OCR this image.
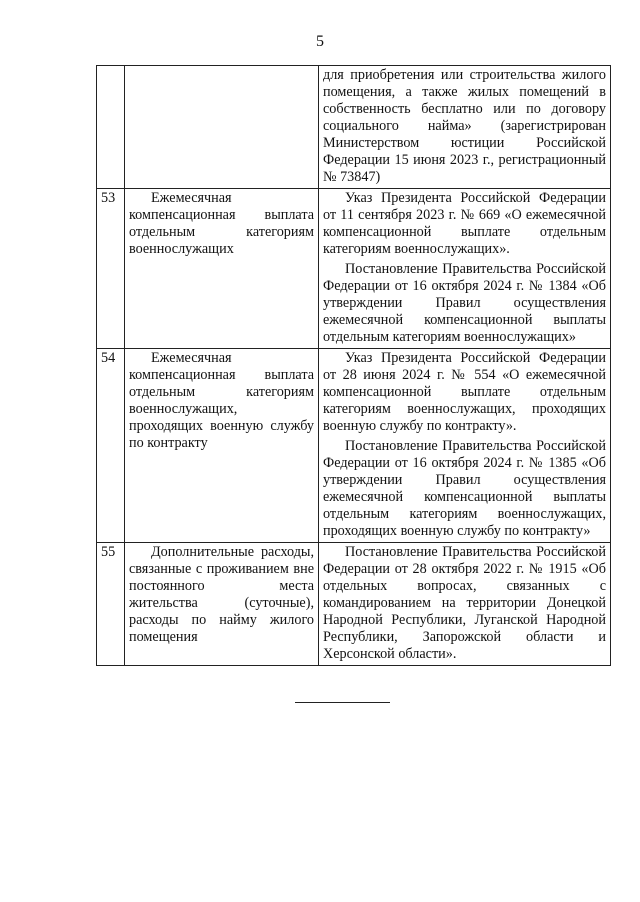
5

		для приобретения или строительства жилого помещения, а также жилых помещений в собственность бесплатно или по договору социального найма» (зарегистрирован Министерством юстиции Российской Федерации 15 июня 2023 г., регистрационный № 73847)

53	Ежемесячная компенсационная выплата отдельным категориям военнослужащих	Указ Президента Российской Федерации от 11 сентября 2023 г. № 669 «О ежемесячной компенсационной выплате отдельным категориям военнослужащих».

Постановление Правительства Российской Федерации от 16 октября 2024 г. № 1384 «Об утверждении Правил осуществления ежемесячной компенсационной выплаты отдельным категориям военнослужащих»

54	Ежемесячная компенсационная выплата отдельным категориям военнослужащих, проходящих военную службу по контракту	Указ Президента Российской Федерации от 28 июня 2024 г. № 554 «О ежемесячной компенсационной выплате отдельным категориям военнослужащих, проходящих военную службу по контракту».

Постановление Правительства Российской Федерации от 16 октября 2024 г. № 1385 «Об утверждении Правил осуществления ежемесячной компенсационной выплаты отдельным категориям военнослужащих, проходящих военную службу по контракту»

55	Дополнительные расходы, связанные с проживанием вне постоянного места жительства (суточные), расходы по найму жилого помещения	Постановление Правительства Российской Федерации от 28 октября 2022 г. № 1915 «Об отдельных вопросах, связанных с командированием на территории Донецкой Народной Республики, Луганской Народной Республики, Запорожской области и Херсонской области».
